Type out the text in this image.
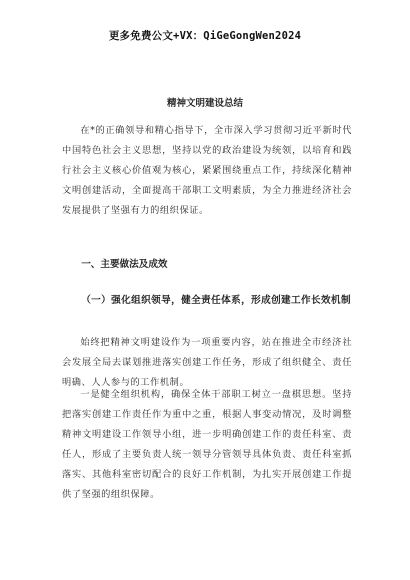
更多免费公文+VX：QiGeGongWen2024
精神文明建设总结
在*的正确领导和精心指导下，全市深入学习贯彻习近平新时代中国特色社会主义思想，坚持以党的政治建设为统领，以培育和践行社会主义核心价值观为核心，紧紧围绕重点工作，持续深化精神文明创建活动，全面提高干部职工文明素质，为全力推进经济社会发展提供了坚强有力的组织保证。
一、主要做法及成效
（一）强化组织领导，健全责任体系，形成创建工作长效机制
始终把精神文明建设作为一项重要内容，站在推进全市经济社会发展全局去谋划推进落实创建工作任务，形成了组织健全、责任明确、人人参与的工作机制。
一是健全组织机构，确保全体干部职工树立一盘棋思想。坚持把落实创建工作责任作为重中之重，根据人事变动情况，及时调整精神文明建设工作领导小组，进一步明确创建工作的责任科室、责任人，形成了主要负责人统一领导分管领导具体负责、责任科室抓落实、其他科室密切配合的良好工作机制，为扎实开展创建工作提供了坚强的组织保障。
